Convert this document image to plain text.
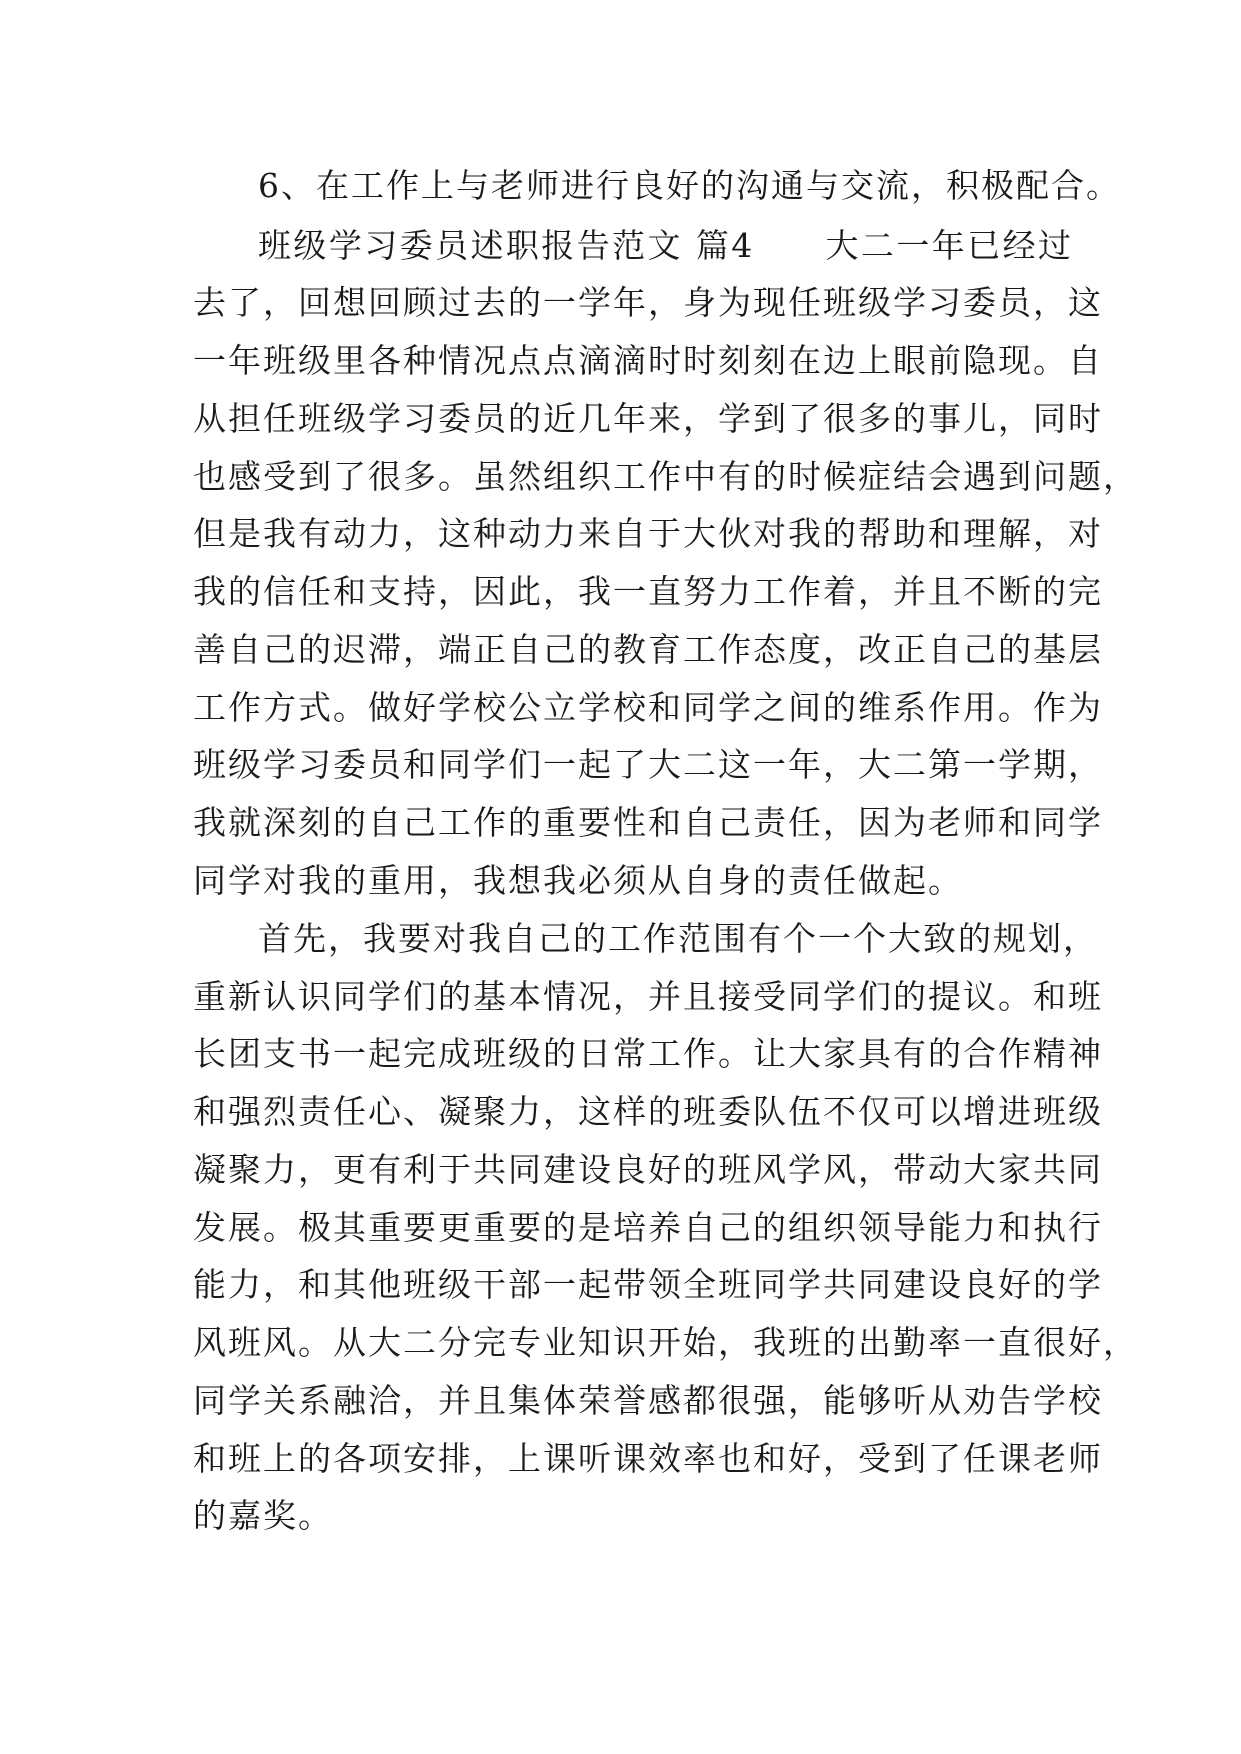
6、在工作上与老师进行良好的沟通与交流，积极配合。
班级学习委员述职报告范文 篇4　　大二一年已经过
去了，回想回顾过去的一学年，身为现任班级学习委员，这
一年班级里各种情况点点滴滴时时刻刻在边上眼前隐现。自
从担任班级学习委员的近几年来，学到了很多的事儿，同时
也感受到了很多。虽然组织工作中有的时候症结会遇到问题，
但是我有动力，这种动力来自于大伙对我的帮助和理解，对
我的信任和支持，因此，我一直努力工作着，并且不断的完
善自己的迟滞，端正自己的教育工作态度，改正自己的基层
工作方式。做好学校公立学校和同学之间的维系作用。作为
班级学习委员和同学们一起了大二这一年，大二第一学期，
我就深刻的自己工作的重要性和自己责任，因为老师和同学
同学对我的重用，我想我必须从自身的责任做起。
首先，我要对我自己的工作范围有个一个大致的规划，
重新认识同学们的基本情况，并且接受同学们的提议。和班
长团支书一起完成班级的日常工作。让大家具有的合作精神
和强烈责任心、凝聚力，这样的班委队伍不仅可以增进班级
凝聚力，更有利于共同建设良好的班风学风，带动大家共同
发展。极其重要更重要的是培养自己的组织领导能力和执行
能力，和其他班级干部一起带领全班同学共同建设良好的学
风班风。从大二分完专业知识开始，我班的出勤率一直很好，
同学关系融洽，并且集体荣誉感都很强，能够听从劝告学校
和班上的各项安排，上课听课效率也和好，受到了任课老师
的嘉奖。
